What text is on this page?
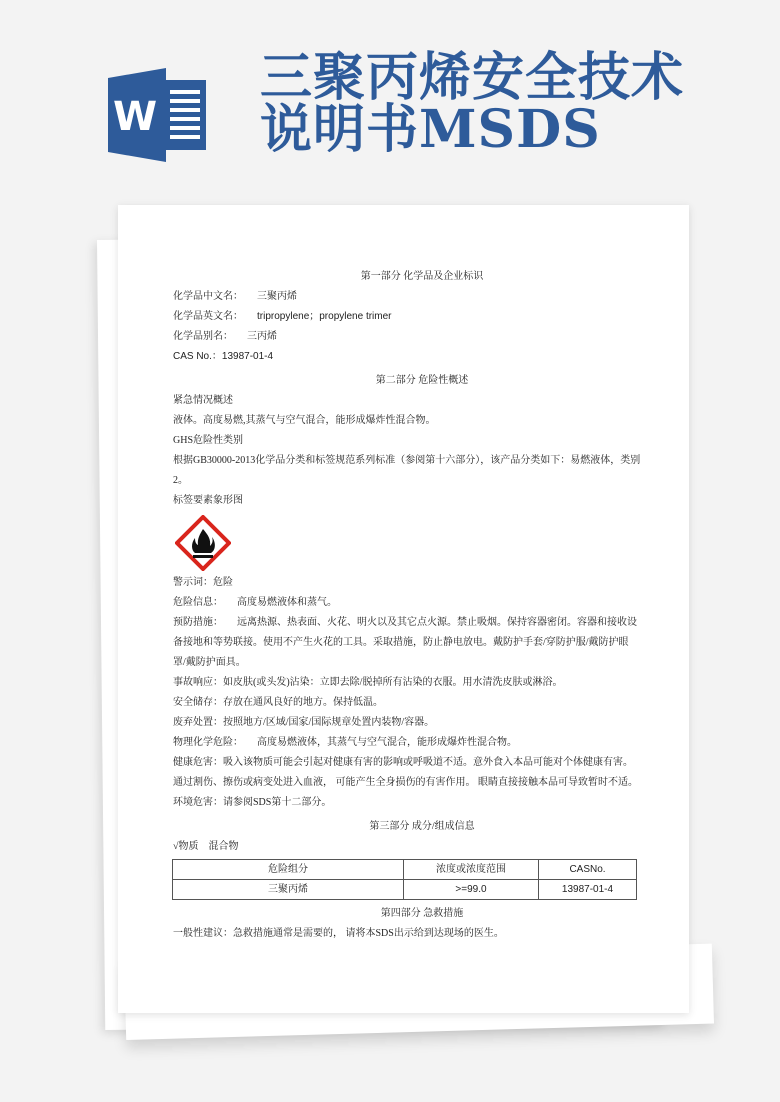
W
三聚丙烯安全技术
说明书MSDS

第一部分 化学品及企业标识

化学品中文名： 三聚丙烯

化学品英文名： tripropylene；propylene trimer

化学品别名： 三丙烯

CAS No.：13987-01-4

第二部分 危险性概述

紧急情况概述

液体。高度易燃,其蒸气与空气混合，能形成爆炸性混合物。

GHS危险性类别

根据GB30000-2013化学品分类和标签规范系列标准（参阅第十六部分），该产品分类如下：易燃液体，类别2。

标签要素象形图

警示词：危险

危险信息： 高度易燃液体和蒸气。

预防措施： 远离热源、热表面、火花、明火以及其它点火源。禁止吸烟。保持容器密闭。容器和接收设备接地和等势联接。使用不产生火花的工具。采取措施，防止静电放电。戴防护手套/穿防护服/戴防护眼罩/戴防护面具。

事故响应：如皮肤(或头发)沾染：立即去除/脱掉所有沾染的衣服。用水清洗皮肤或淋浴。

安全储存：存放在通风良好的地方。保持低温。

废弃处置：按照地方/区域/国家/国际规章处置内装物/容器。

物理化学危险： 高度易燃液体，其蒸气与空气混合，能形成爆炸性混合物。

健康危害：吸入该物质可能会引起对健康有害的影响或呼吸道不适。意外食入本品可能对个体健康有害。通过割伤、擦伤或病变处进入血液， 可能产生全身损伤的有害作用。 眼睛直接接触本品可导致暂时不适。

环境危害：请参阅SDS第十二部分。

第三部分 成分/组成信息

√物质　混合物

危险组分	浓度或浓度范围	CASNo.
三聚丙烯	>=99.0	13987-01-4

第四部分 急救措施

一般性建议：急救措施通常是需要的， 请将本SDS出示给到达现场的医生。
